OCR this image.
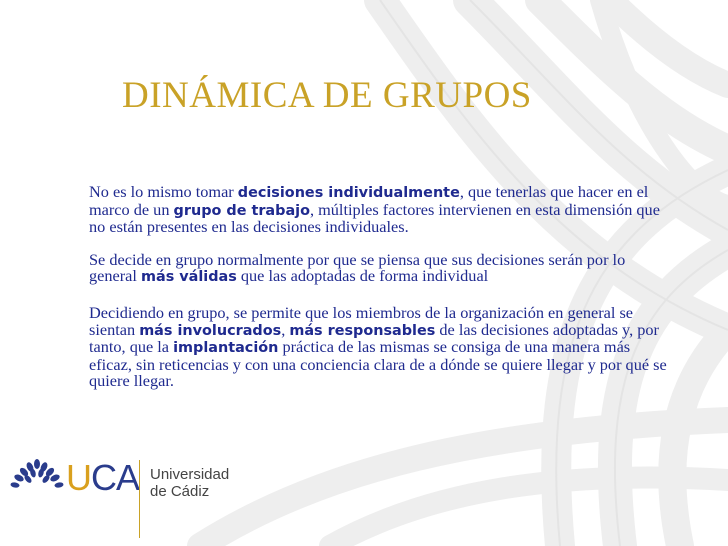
DINÁMICA DE GRUPOS

No es lo mismo tomar decisiones individualmente, que tenerlas que hacer en el marco de un grupo de trabajo, múltiples factores intervienen en esta dimensión que no están presentes en las decisiones individuales.

Se decide en grupo normalmente por que se piensa que sus decisiones serán por lo general más válidas que las adoptadas de forma individual

Decidiendo en grupo, se permite que los miembros de la organización en general se sientan más involucrados, más responsables de las decisiones adoptadas y, por tanto, que la implantación práctica de las mismas se consiga de una manera más eficaz, sin reticencias y con una conciencia clara de a dónde se quiere llegar y por qué se quiere llegar.

UCA Universidad
de Cádiz
